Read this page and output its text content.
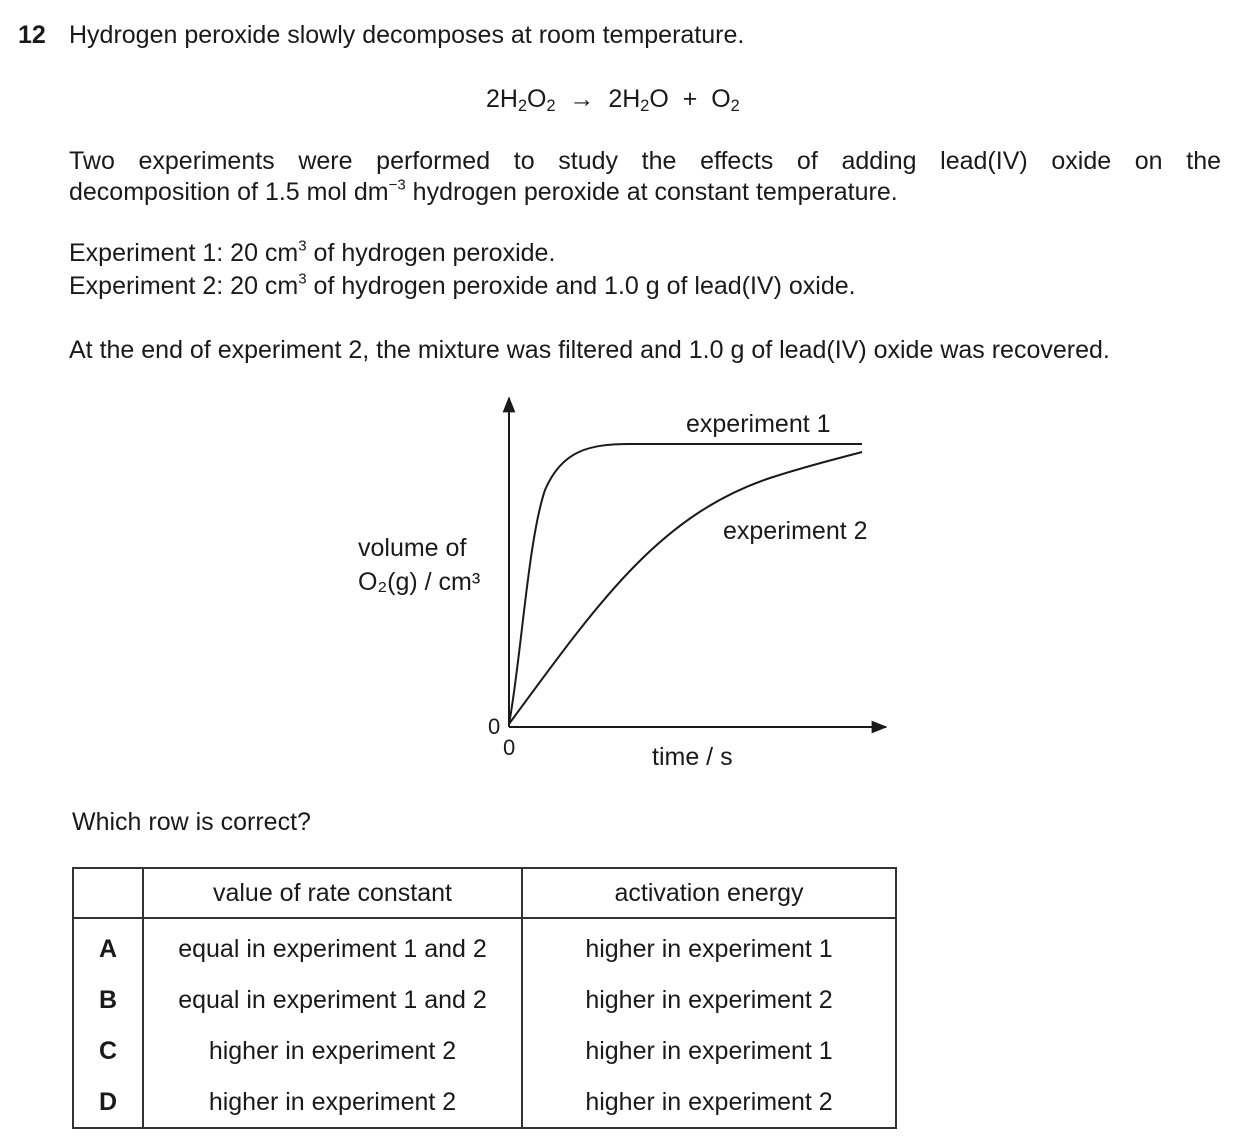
12 Hydrogen peroxide slowly decomposes at room temperature.
$2H_2O_2 \to 2H_2O + O_2$
Two experiments were performed to study the effects of adding lead(IV) oxide on the
decomposition of 1.5 mol $dm^{-3}$ hydrogen peroxide at constant temperature.
Experiment 1: 20 $cm^3$ of hydrogen peroxide.
Experiment 2: 20 $cm^3$ of hydrogen peroxide and 1.0 g of lead(IV) oxide.
At the end of experiment 2, the mixture was filtered and 1.0 g of lead(IV) oxide was recovered.
experiment 1
experiment 2
volume of
O₂(g) / cm³
0
0	time / s
Which row is correct?
	value of rate constant	activation energy
A	equal in experiment 1 and 2	higher in experiment 1
B	equal in experiment 1 and 2	higher in experiment 2
C	higher in experiment 2	higher in experiment 1
D	higher in experiment 2	higher in experiment 2
